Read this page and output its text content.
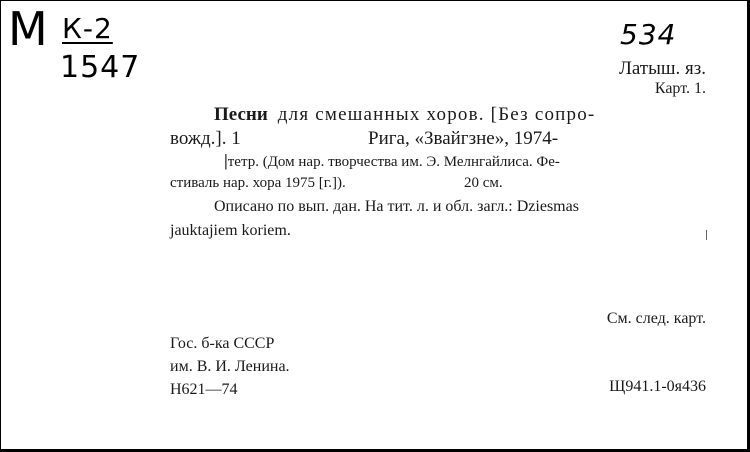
М К-2
1547
534
Латыш. яз.
Карт. 1.
Песни для смешанных хоров. [Без сопро-
вожд.]. 1	Рига, «Звайгзне», 1974-
|тетр. (Дом нар. творчества им. Э. Мелнгайлиса. Фе-
стиваль нар. хора 1975 [г.]).	20 см.
Описано по вып. дан. На тит. л. и обл. загл.: Dziesmas
jauktajiem koriem.
См. след. карт.
Гос. б-ка СССР
им. В. И. Ленина.
Н621—74	Щ941.1-0я436
